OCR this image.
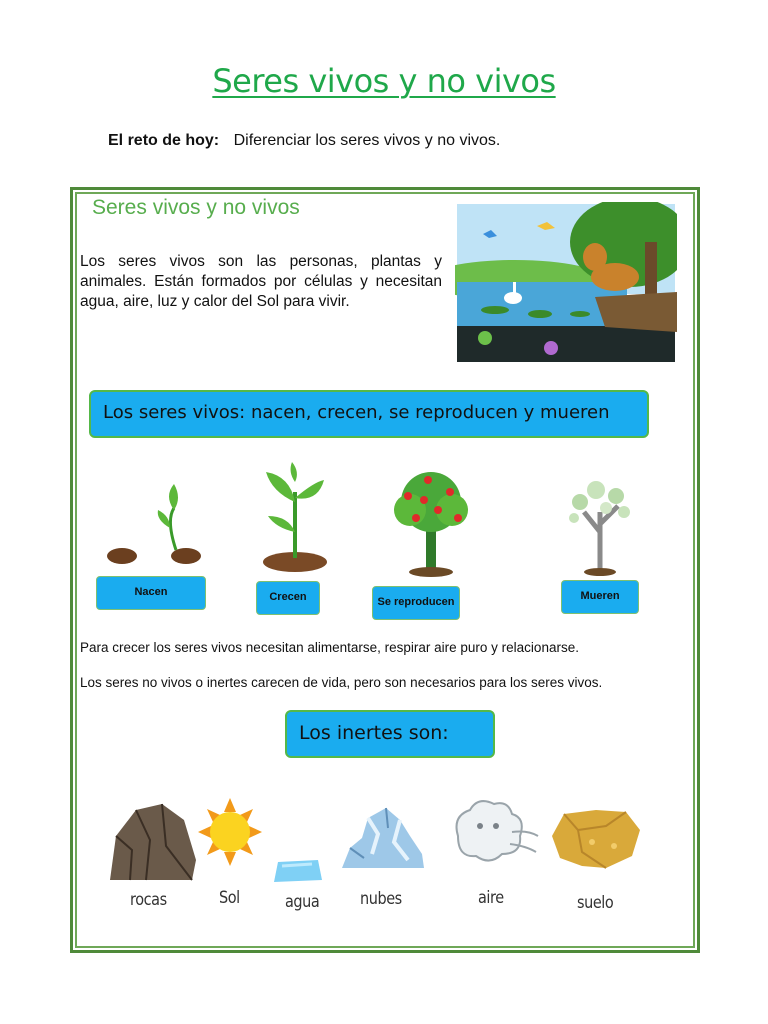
Seres vivos y no vivos
El reto de hoy: Diferenciar los seres vivos y no vivos.
Seres vivos y no vivos
Los seres vivos son las personas, plantas y animales. Están formados por células y necesitan agua, aire, luz y calor del Sol para vivir.
Los seres vivos: nacen, crecen, se reproducen y mueren
Nacen	Crecen	Se reproducen	Mueren
Para crecer los seres vivos necesitan alimentarse, respirar aire puro y relacionarse.
Los seres no vivos o inertes carecen de vida, pero son necesarios para los seres vivos.
Los inertes son:
rocas	Sol	agua nubes	aire	suelo
